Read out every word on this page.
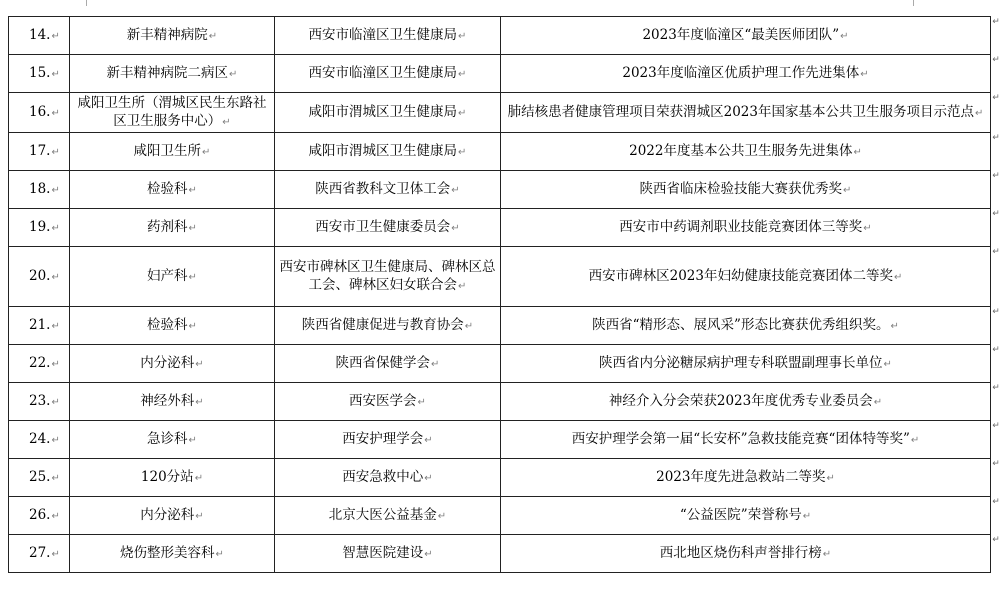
14.↵	新丰精神病院↵	西安市临潼区卫生健康局↵	2023年度临潼区“最美医师团队”↵
↵

15.↵	新丰精神病院二病区↵	西安市临潼区卫生健康局↵	2023年度临潼区优质护理工作先进集体↵
↵

16.↵	咸阳卫生所（渭城区民生东路社区卫生服务中心）↵	咸阳市渭城区卫生健康局↵	肺结核患者健康管理项目荣获渭城区2023年国家基本公共卫生服务项目示范点↵
↵

17.↵	咸阳卫生所↵	咸阳市渭城区卫生健康局↵	2022年度基本公共卫生服务先进集体↵
↵

18.↵	检验科↵	陕西省教科文卫体工会↵	陕西省临床检验技能大赛获优秀奖↵
↵

19.↵	药剂科↵	西安市卫生健康委员会↵	西安市中药调剂职业技能竞赛团体三等奖↵
↵

20.↵	妇产科↵	西安市碑林区卫生健康局、碑林区总工会、碑林区妇女联合会↵	西安市碑林区2023年妇幼健康技能竞赛团体二等奖↵
↵

21.↵	检验科↵	陕西省健康促进与教育协会↵	陕西省“精形态、展风采”形态比赛获优秀组织奖。↵
↵

22.↵	内分泌科↵	陕西省保健学会↵	陕西省内分泌糖尿病护理专科联盟副理事长单位↵
↵

23.↵	神经外科↵	西安医学会↵	神经介入分会荣获2023年度优秀专业委员会↵
↵

24.↵	急诊科↵	西安护理学会↵	西安护理学会第一届“长安杯”急救技能竞赛“团体特等奖”↵
↵

25.↵	120分站↵	西安急救中心↵	2023年度先进急救站二等奖↵
↵

26.↵	内分泌科↵	北京大医公益基金↵	“公益医院”荣誉称号↵
↵

27.↵	烧伤整形美容科↵	智慧医院建设↵	西北地区烧伤科声誉排行榜↵
↵
